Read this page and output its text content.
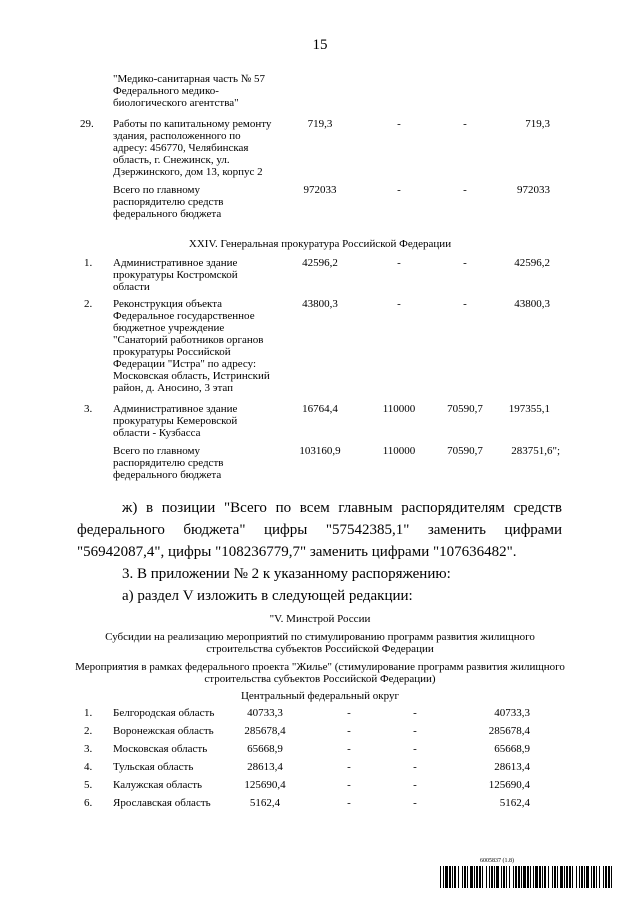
15
"Медико-санитарная часть № 57
Федерального медико-
биологического агентства"
29. Работы по капитальному ремонту
здания, расположенного по
адресу: 456770, Челябинская
область, г. Снежинск, ул.
Дзержинского, дом 13, корпус 2
719,3	-	-	719,3
Всего по главному
распорядителю средств
федерального бюджета
972033	-	-	972033
XXIV. Генеральная прокуратура Российской Федерации
1. Административное здание
прокуратуры Костромской
области
42596,2	-	-	42596,2
2. Реконструкция объекта
Федеральное государственное
бюджетное учреждение
"Санаторий работников органов
прокуратуры Российской
Федерации "Истра" по адресу:
Московская область, Истринский
район, д. Аносино, 3 этап
43800,3	-	-	43800,3
3. Административное здание
прокуратуры Кемеровской
области - Кузбасса
16764,4	110000	70590,7	197355,1
Всего по главному
распорядителю средств
федерального бюджета
103160,9	110000	70590,7	283751,6";
ж) в позиции "Всего по всем главным распорядителям средств
федерального бюджета" цифры "57542385,1" заменить цифрами
"56942087,4", цифры "108236779,7" заменить цифрами "107636482".
3. В приложении № 2 к указанному распоряжению:
а) раздел V изложить в следующей редакции:
"V. Минстрой России
Субсидии на реализацию мероприятий по стимулированию программ развития жилищного
строительства субъектов Российской Федерации
Мероприятия в рамках федерального проекта "Жилье" (стимулирование программ развития жилищного
строительства субъектов Российской Федерации)
Центральный федеральный округ
1. Белгородская область	40733,3	-	-	40733,3
2. Воронежская область	285678,4	-	-	285678,4
3. Московская область	65668,9	-	-	65668,9
4. Тульская область	28613,4	-	-	28613,4
5. Калужская область	125690,4	-	-	125690,4
6. Ярославская область	5162,4	-	-	5162,4
6005837 (1.8)
